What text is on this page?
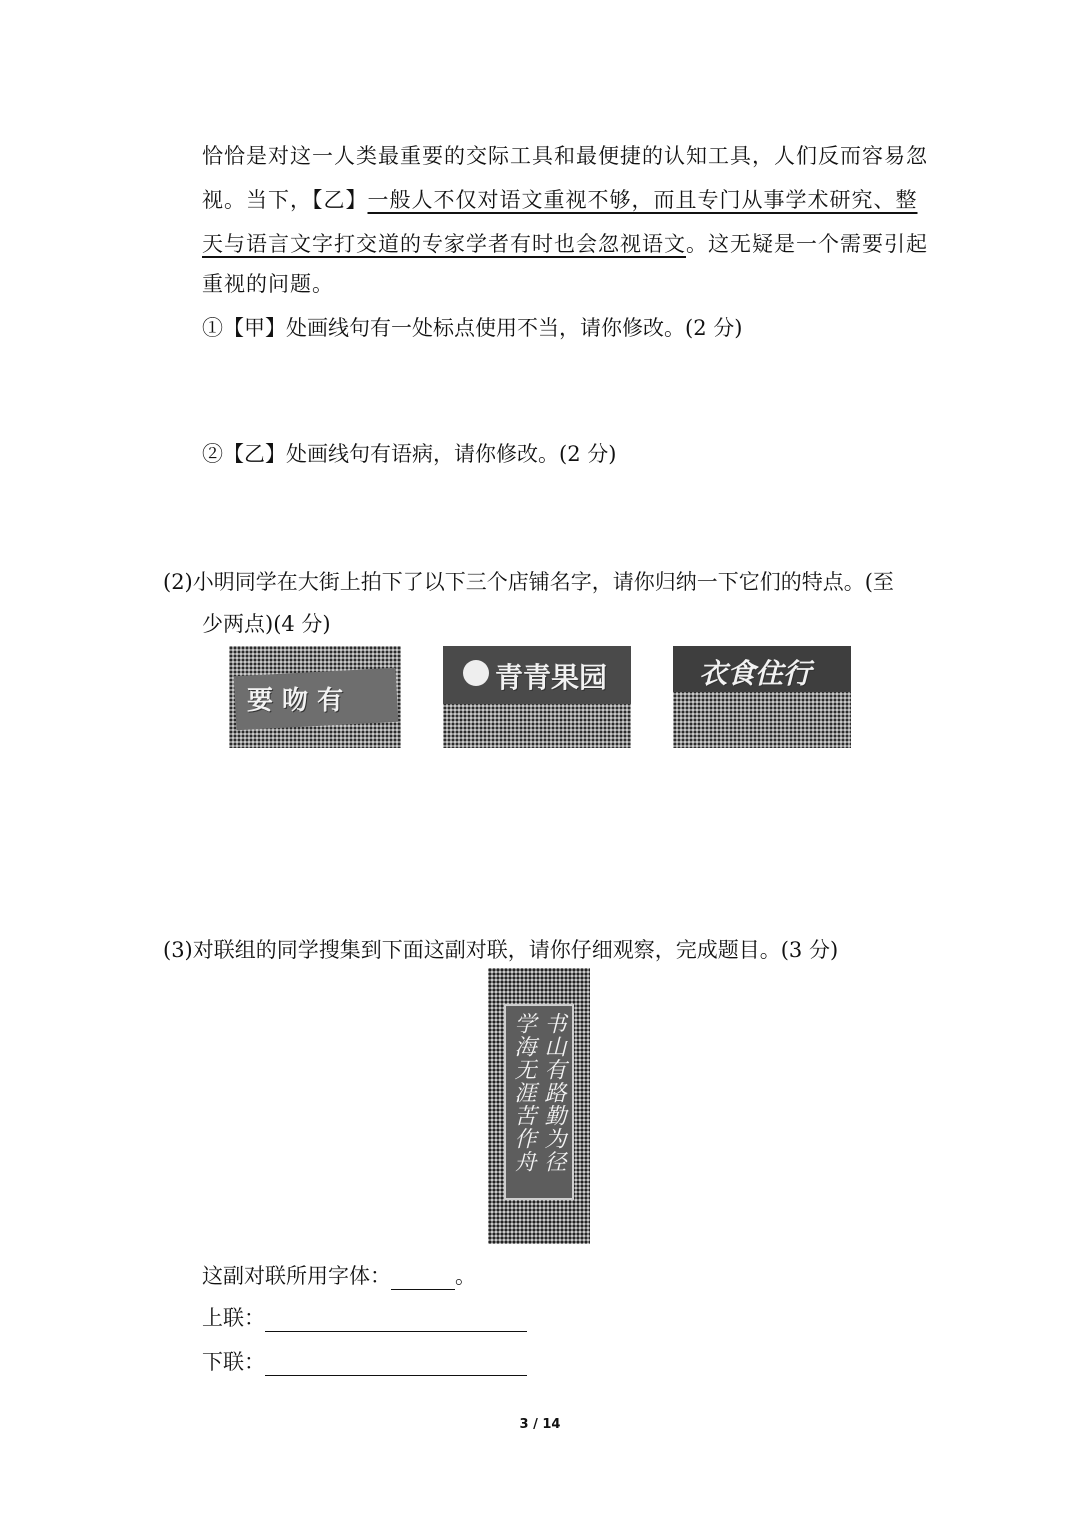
恰恰是对这一人类最重要的交际工具和最便捷的认知工具，人们反而容易忽
视。当下，【乙】一般人不仅对语文重视不够，而且专门从事学术研究、整
天与语言文字打交道的专家学者有时也会忽视语文。这无疑是一个需要引起
重视的问题。
①【甲】处画线句有一处标点使用不当，请你修改。(2 分)
②【乙】处画线句有语病，请你修改。(2 分)
(2)小明同学在大街上拍下了以下三个店铺名字，请你归纳一下它们的特点。(至
少两点)(4 分)
要 吻 有
青青果园	衣食住行
(3)对联组的同学搜集到下面这副对联，请你仔细观察，完成题目。(3 分)
书山有路勤为径
学海无涯苦作舟
这副对联所用字体：	。
上联：
下联：
3 / 14
